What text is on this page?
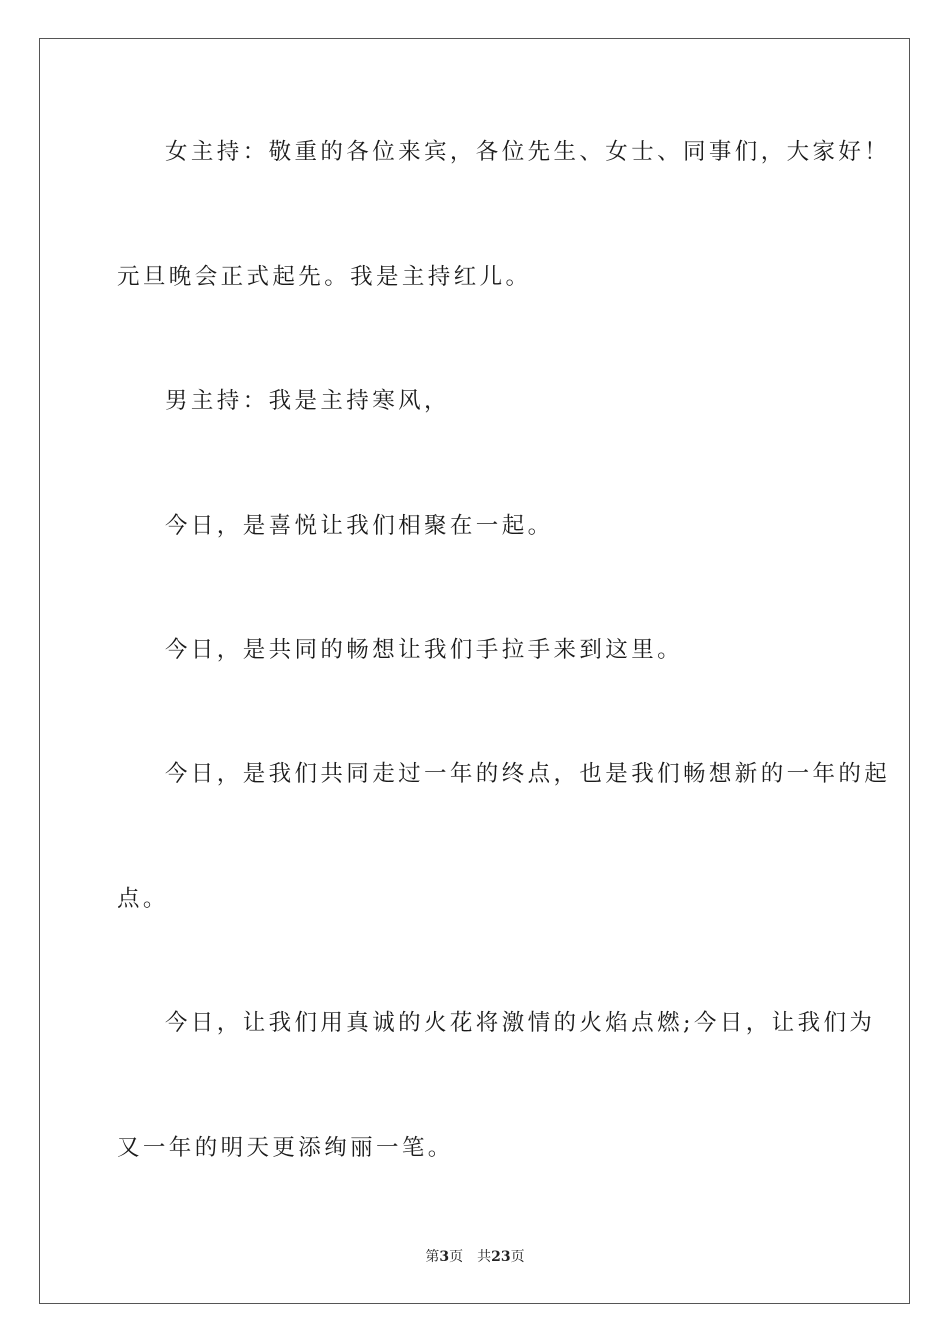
女主持：敬重的各位来宾，各位先生、女士、同事们，大家好！

元旦晚会正式起先。我是主持红儿。

男主持：我是主持寒风，

今日，是喜悦让我们相聚在一起。

今日，是共同的畅想让我们手拉手来到这里。

今日，是我们共同走过一年的终点，也是我们畅想新的一年的起

点。

今日，让我们用真诚的火花将激情的火焰点燃;今日，让我们为

又一年的明天更添绚丽一笔。

第3页 共23页
